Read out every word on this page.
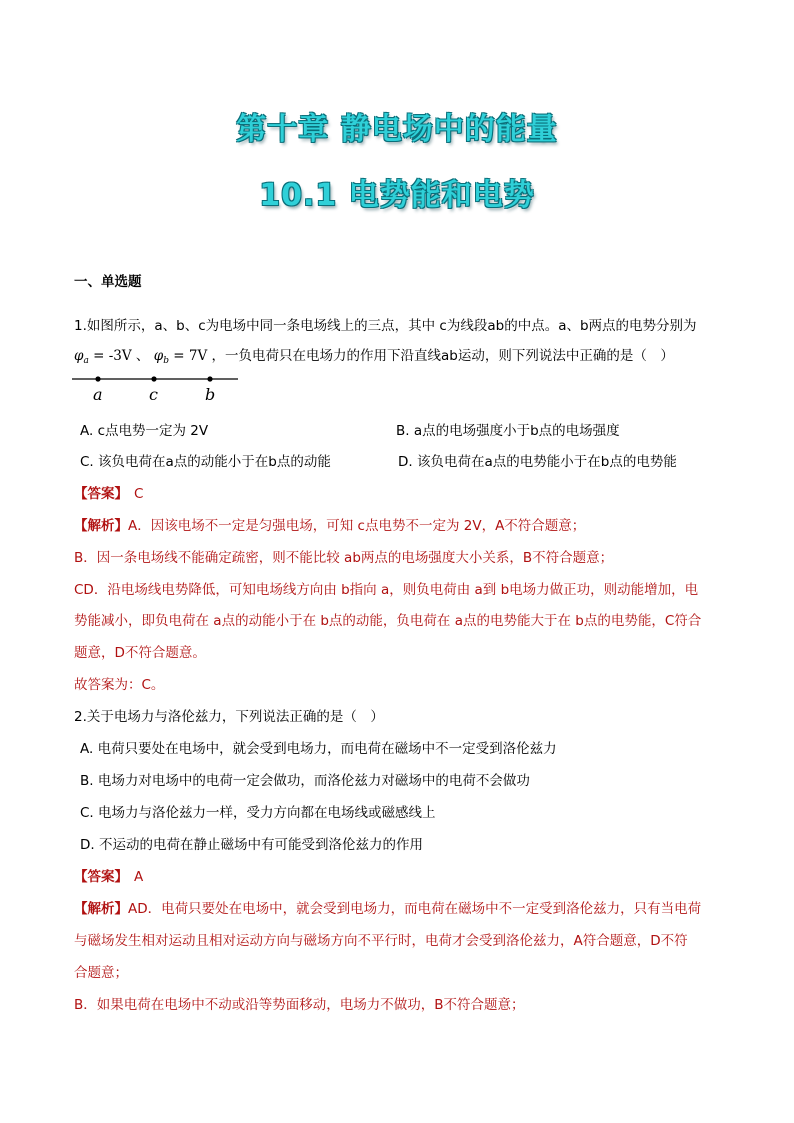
第十章 静电场中的能量
10.1 电势能和电势
一、单选题
1.如图所示，a、b、c为电场中同一条电场线上的三点，其中 c为线段ab的中点。a、b两点的电势分别为
$\varphi_a = -3V$ 、 $\varphi_b = 7V$ ，一负电荷只在电场力的作用下沿直线ab运动，则下列说法中正确的是（　）
a	c	b
A. c点电势一定为 2V	B. a点的电场强度小于b点的电场强度
C. 该负电荷在a点的动能小于在b点的动能	D. 该负电荷在a点的电势能小于在b点的电势能
【答案】 C
【解析】A．因该电场不一定是匀强电场，可知 c点电势不一定为 2V，A不符合题意；
B．因一条电场线不能确定疏密，则不能比较 ab两点的电场强度大小关系，B不符合题意；
CD．沿电场线电势降低，可知电场线方向由 b指向 a，则负电荷由 a到 b电场力做正功，则动能增加，电
势能减小，即负电荷在 a点的动能小于在 b点的动能，负电荷在 a点的电势能大于在 b点的电势能，C符合
题意，D不符合题意。
故答案为：C。
2.关于电场力与洛伦兹力，下列说法正确的是（　）
A. 电荷只要处在电场中，就会受到电场力，而电荷在磁场中不一定受到洛伦兹力
B. 电场力对电场中的电荷一定会做功，而洛伦兹力对磁场中的电荷不会做功
C. 电场力与洛伦兹力一样，受力方向都在电场线或磁感线上
D. 不运动的电荷在静止磁场中有可能受到洛伦兹力的作用
【答案】 A
【解析】AD．电荷只要处在电场中，就会受到电场力，而电荷在磁场中不一定受到洛伦兹力，只有当电荷
与磁场发生相对运动且相对运动方向与磁场方向不平行时，电荷才会受到洛伦兹力，A符合题意，D不符
合题意；
B．如果电荷在电场中不动或沿等势面移动，电场力不做功，B不符合题意；
